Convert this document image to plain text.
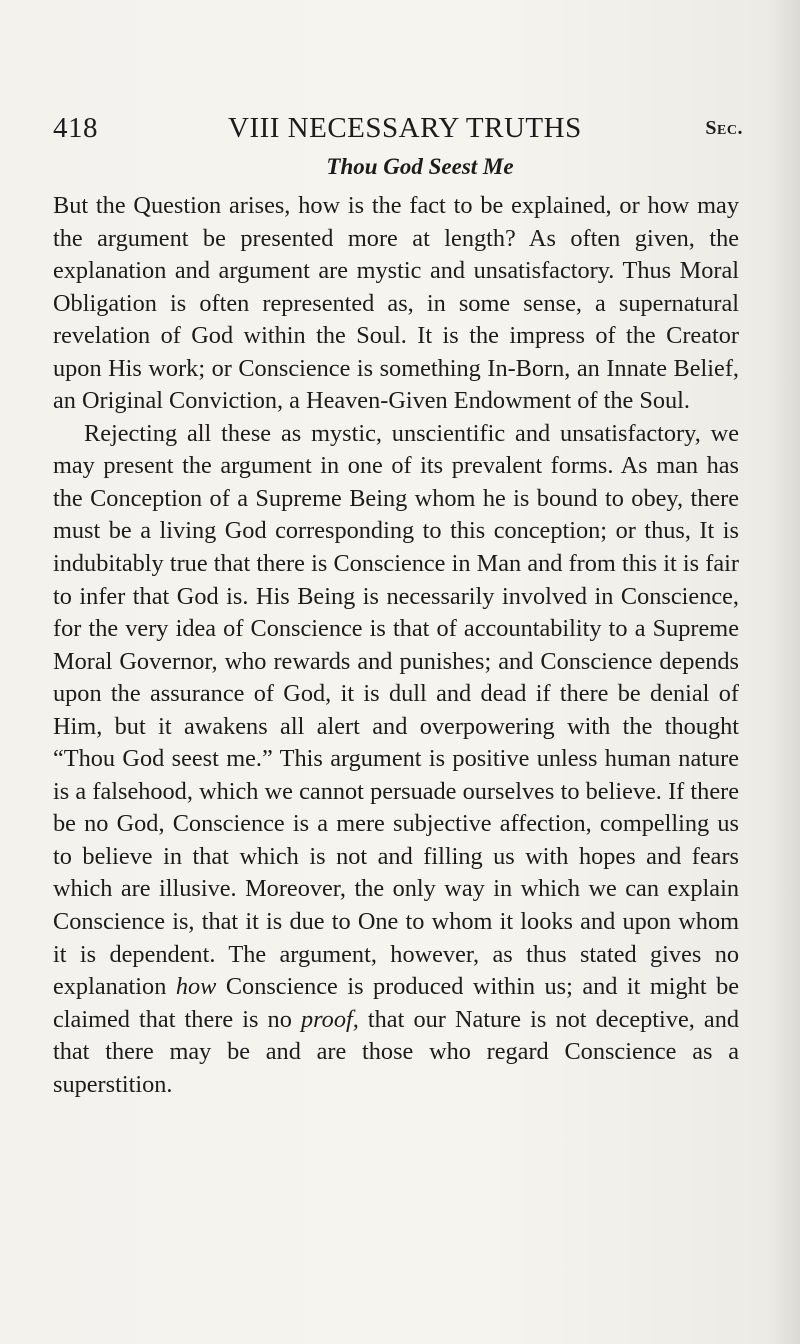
418	VIII NECESSARY TRUTHS	Sec.
Thou God Seest Me

But the Question arises, how is the fact to be explained, or how may the argument be presented more at length? As often given, the explanation and argument are mystic and unsatisfactory. Thus Moral Obligation is often represented as, in some sense, a supernatural revelation of God within the Soul. It is the impress of the Creator upon His work; or Conscience is something In-Born, an Innate Belief, an Original Conviction, a Heaven-Given Endowment of the Soul.

Rejecting all these as mystic, unscientific and unsatisfactory, we may present the argument in one of its prevalent forms. As man has the Conception of a Supreme Being whom he is bound to obey, there must be a living God corresponding to this conception; or thus, It is indubitably true that there is Conscience in Man and from this it is fair to infer that God is. His Being is necessarily involved in Conscience, for the very idea of Conscience is that of accountability to a Supreme Moral Governor, who rewards and punishes; and Conscience depends upon the assurance of God, it is dull and dead if there be denial of Him, but it awakens all alert and overpowering with the thought “Thou God seest me.” This argument is positive unless human nature is a falsehood, which we cannot persuade ourselves to believe. If there be no God, Conscience is a mere subjective affection, compelling us to believe in that which is not and filling us with hopes and fears which are illusive. Moreover, the only way in which we can explain Conscience is, that it is due to One to whom it looks and upon whom it is dependent. The argument, however, as thus stated gives no explanation how Conscience is produced within us; and it might be claimed that there is no proof, that our Nature is not deceptive, and that there may be and are those who regard Conscience as a superstition.
